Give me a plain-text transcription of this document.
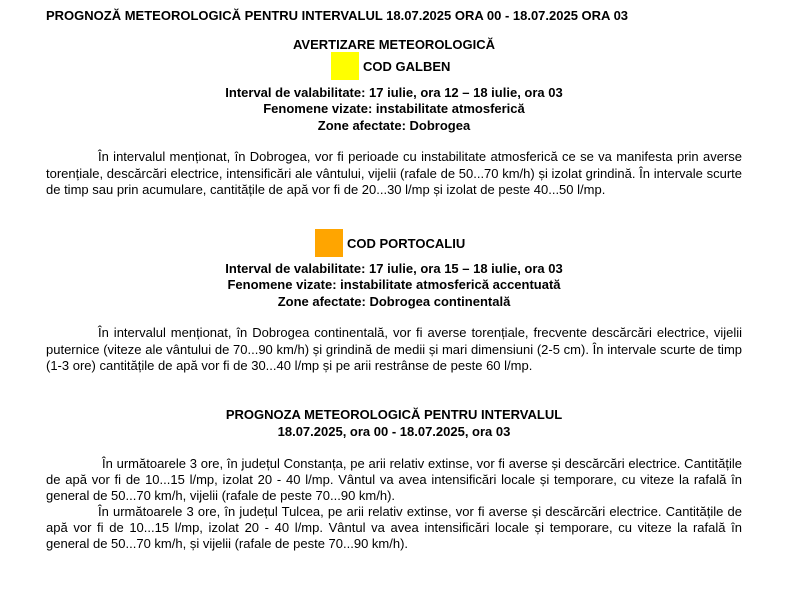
PROGNOZĂ METEOROLOGICĂ PENTRU INTERVALUL 18.07.2025 ORA 00 - 18.07.2025 ORA 03
AVERTIZARE METEOROLOGICĂ
COD GALBEN
Interval de valabilitate: 17 iulie, ora 12 – 18 iulie, ora 03
Fenomene vizate: instabilitate atmosferică
Zone afectate: Dobrogea
În intervalul menționat, în Dobrogea, vor fi perioade cu instabilitate atmosferică ce se va manifesta prin averse torențiale, descărcări electrice, intensificări ale vântului, vijelii (rafale de 50...70 km/h) și izolat grindină. În intervale scurte de timp sau prin acumulare, cantitățile de apă vor fi de 20...30 l/mp și izolat de peste 40...50 l/mp.
COD PORTOCALIU
Interval de valabilitate: 17 iulie, ora 15 – 18 iulie, ora 03
Fenomene vizate: instabilitate atmosferică accentuată
Zone afectate: Dobrogea continentală
În intervalul menționat, în Dobrogea continentală, vor fi averse torențiale, frecvente descărcări electrice, vijelii puternice (viteze ale vântului de 70...90 km/h) și grindină de medii și mari dimensiuni (2-5 cm). În intervale scurte de timp (1-3 ore) cantitățile de apă vor fi de 30...40 l/mp și pe arii restrânse de peste 60 l/mp.
PROGNOZA METEOROLOGICĂ PENTRU INTERVALUL
18.07.2025, ora 00 - 18.07.2025, ora 03

În următoarele 3 ore, în județul Constanța, pe arii relativ extinse, vor fi averse și descărcări electrice. Cantitățile de apă vor fi de 10...15 l/mp, izolat 20 - 40 l/mp. Vântul va avea intensificări locale și temporare, cu viteze la rafală în general de 50...70 km/h, vijelii (rafale de peste 70...90 km/h).

În următoarele 3 ore, în județul Tulcea, pe arii relativ extinse, vor fi averse și descărcări electrice. Cantitățile de apă vor fi de 10...15 l/mp, izolat 20 - 40 l/mp. Vântul va avea intensificări locale și temporare, cu viteze la rafală în general de 50...70 km/h, și vijelii (rafale de peste 70...90 km/h).
